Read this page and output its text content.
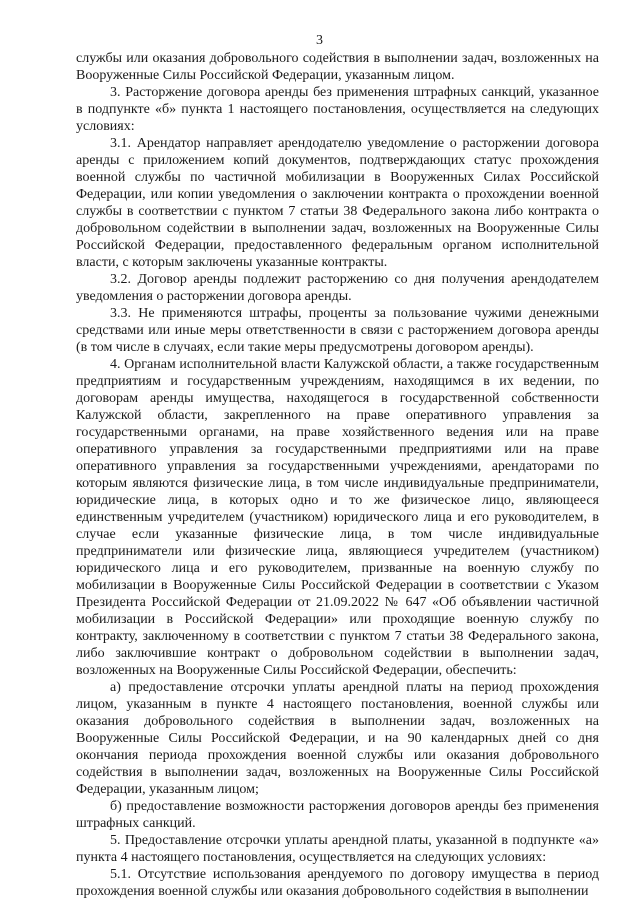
3

службы или оказания добровольного содействия в выполнении задач, возложенных на Вооруженные Силы Российской Федерации, указанным лицом.

3. Расторжение договора аренды без применения штрафных санкций, указанное в подпункте «б» пункта 1 настоящего постановления, осуществляется на следующих условиях:

3.1. Арендатор направляет арендодателю уведомление о расторжении договора аренды с приложением копий документов, подтверждающих статус прохождения военной службы по частичной мобилизации в Вооруженных Силах Российской Федерации, или копии уведомления о заключении контракта о прохождении военной службы в соответствии с пунктом 7 статьи 38 Федерального закона либо контракта о добровольном содействии в выполнении задач, возложенных на Вооруженные Силы Российской Федерации, предоставленного федеральным органом исполнительной власти, с которым заключены указанные контракты.

3.2. Договор аренды подлежит расторжению со дня получения арендодателем уведомления о расторжении договора аренды.

3.3. Не применяются штрафы, проценты за пользование чужими денежными средствами или иные меры ответственности в связи с расторжением договора аренды (в том числе в случаях, если такие меры предусмотрены договором аренды).

4. Органам исполнительной власти Калужской области, а также государственным предприятиям и государственным учреждениям, находящимся в их ведении, по договорам аренды имущества, находящегося в государственной собственности Калужской области, закрепленного на праве оперативного управления за государственными органами, на праве хозяйственного ведения или на праве оперативного управления за государственными предприятиями или на праве оперативного управления за государственными учреждениями, арендаторами по которым являются физические лица, в том числе индивидуальные предприниматели, юридические лица, в которых одно и то же физическое лицо, являющееся единственным учредителем (участником) юридического лица и его руководителем, в случае если указанные физические лица, в том числе индивидуальные предприниматели или физические лица, являющиеся учредителем (участником) юридического лица и его руководителем, призванные на военную службу по мобилизации в Вооруженные Силы Российской Федерации в соответствии с Указом Президента Российской Федерации от 21.09.2022 № 647 «Об объявлении частичной мобилизации в Российской Федерации» или проходящие военную службу по контракту, заключенному в соответствии с пунктом 7 статьи 38 Федерального закона, либо заключившие контракт о добровольном содействии в выполнении задач, возложенных на Вооруженные Силы Российской Федерации, обеспечить:

а) предоставление отсрочки уплаты арендной платы на период прохождения лицом, указанным в пункте 4 настоящего постановления, военной службы или оказания добровольного содействия в выполнении задач, возложенных на Вооруженные Силы Российской Федерации, и на 90 календарных дней со дня окончания периода прохождения военной службы или оказания добровольного содействия в выполнении задач, возложенных на Вооруженные Силы Российской Федерации, указанным лицом;

б) предоставление возможности расторжения договоров аренды без применения штрафных санкций.

5. Предоставление отсрочки уплаты арендной платы, указанной в подпункте «а» пункта 4 настоящего постановления, осуществляется на следующих условиях:

5.1. Отсутствие использования арендуемого по договору имущества в период прохождения военной службы или оказания добровольного содействия в выполнении
